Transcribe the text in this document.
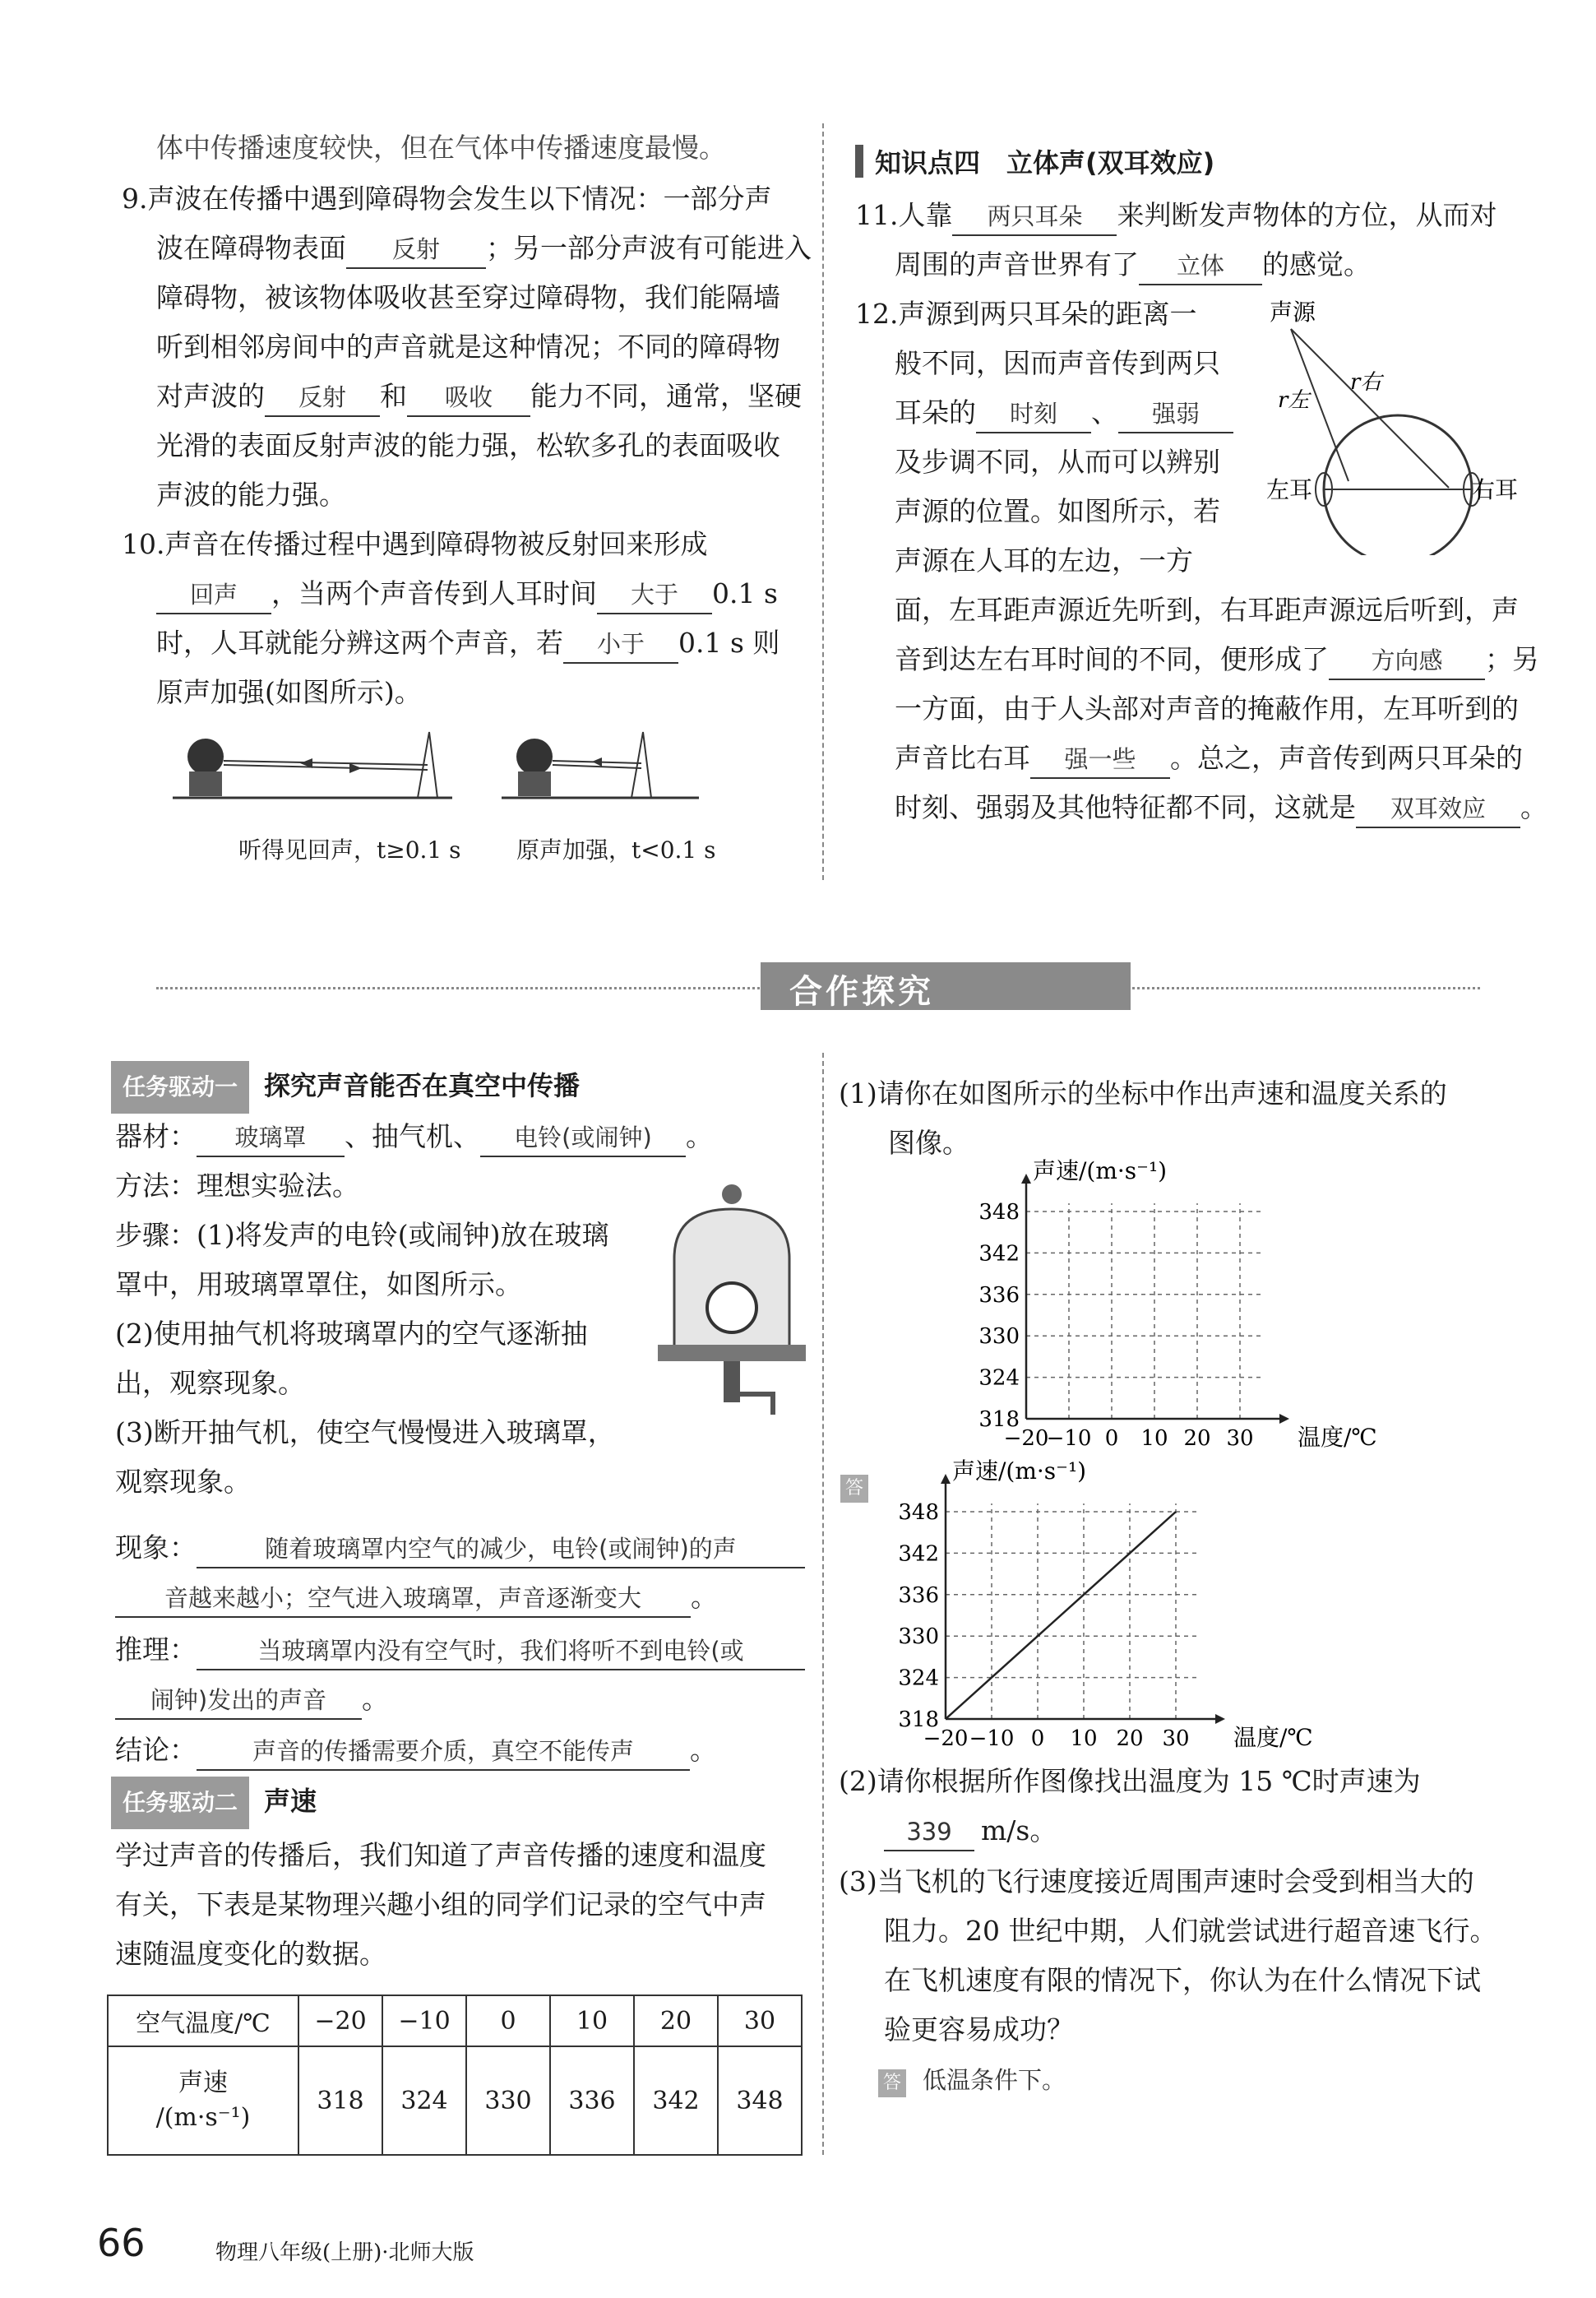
体中传播速度较快，但在气体中传播速度最慢。
9.声波在传播中遇到障碍物会发生以下情况：一部分声
波在障碍物表面 反射 ；另一部分声波有可能进入
障碍物，被该物体吸收甚至穿过障碍物，我们能隔墙
听到相邻房间中的声音就是这种情况；不同的障碍物
对声波的 反射 和 吸收 能力不同，通常，坚硬
光滑的表面反射声波的能力强，松软多孔的表面吸收
声波的能力强。
10.声音在传播过程中遇到障碍物被反射回来形成
回声 ，当两个声音传到人耳时间 大于 0.1 s
时，人耳就能分辨这两个声音，若 小于 0.1 s 则
原声加强(如图所示)。
听得见回声，t≥0.1 s 原声加强，t<0.1 s
知识点四　立体声(双耳效应)
11.人靠 两只耳朵 来判断发声物体的方位，从而对
周围的声音世界有了 立体 的感觉。
12.声源到两只耳朵的距离一
般不同，因而声音传到两只
耳朵的 时刻 、 强弱
及步调不同，从而可以辨别
声源的位置。如图所示，若
声源在人耳的左边，一方
面，左耳距声源近先听到，右耳距声源远后听到，声
音到达左右耳时间的不同，便形成了 方向感 ；另
一方面，由于人头部对声音的掩蔽作用，左耳听到的
声音比右耳 强一些 。总之，声音传到两只耳朵的
时刻、强弱及其他特征都不同，这就是 双耳效应 。
声源
r右
r左
左耳	右耳
合作探究
任务驱动一 探究声音能否在真空中传播
器材： 玻璃罩 、抽气机、 电铃(或闹钟) 。
方法：理想实验法。
步骤：(1)将发声的电铃(或闹钟)放在玻璃
罩中，用玻璃罩罩住，如图所示。
(2)使用抽气机将玻璃罩内的空气逐渐抽
出，观察现象。
(3)断开抽气机，使空气慢慢进入玻璃罩，
观察现象。
现象：	随着玻璃罩内空气的减少，电铃(或闹钟)的声
音越来越小；空气进入玻璃罩，声音逐渐变大 。
推理：	当玻璃罩内没有空气时，我们将听不到电铃(或
闹钟)发出的声音 。
结论： 声音的传播需要介质，真空不能传声 。
任务驱动二 声速
学过声音的传播后，我们知道了声音传播的速度和温度
有关，下表是某物理兴趣小组的同学们记录的空气中声
速随温度变化的数据。
空气温度/℃	−20	−10	0	10	20	30

声速
/(m·s⁻¹)	318	324	330	336	342	348
(1)请你在如图所示的坐标中作出声速和温度关系的
图像。
−20
−10 0 10 20 30
318
324
330
336
342
348
温度/℃
声速/(m·s⁻¹)
答
−20 −10 0 10 20 30
318
324
330
336
342
348
温度/℃
声速/(m·s⁻¹)
(2)请你根据所作图像找出温度为 15 ℃时声速为
339 m/s。
(3)当飞机的飞行速度接近周围声速时会受到相当大的
阻力。20 世纪中期，人们就尝试进行超音速飞行。
在飞机速度有限的情况下，你认为在什么情况下试
验更容易成功？
答 低温条件下。
66	物理八年级(上册)·北师大版
